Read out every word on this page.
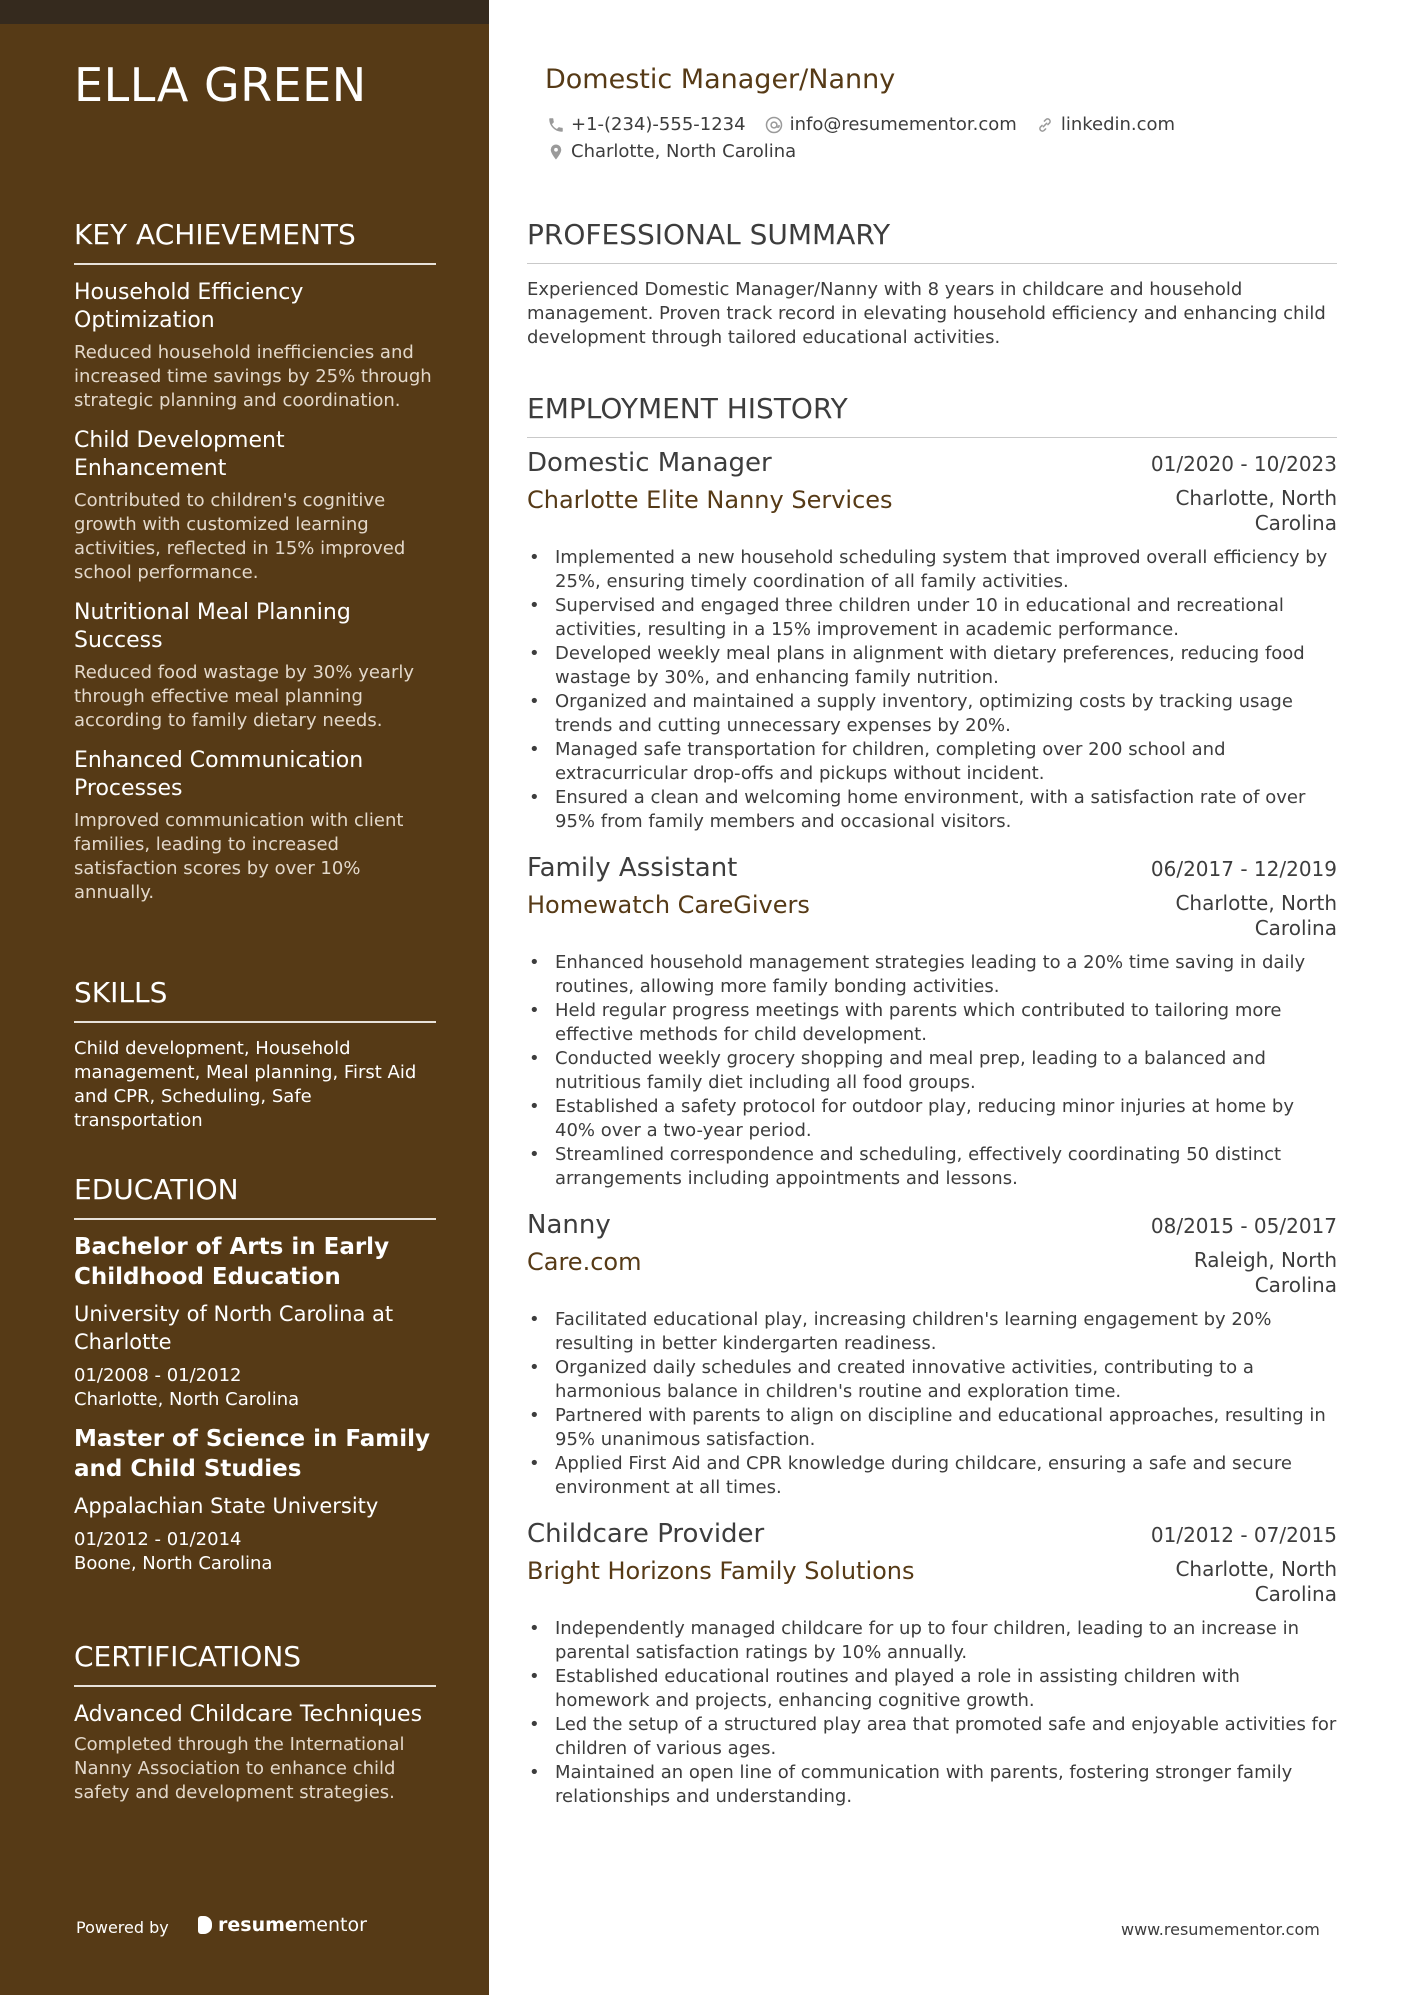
ELLA GREEN
KEY ACHIEVEMENTS
Household Efficiency Optimization
Reduced household inefficiencies and increased time savings by 25% through strategic planning and coordination.
Child Development Enhancement
Contributed to children's cognitive growth with customized learning activities, reflected in 15% improved school performance.
Nutritional Meal Planning Success
Reduced food wastage by 30% yearly through effective meal planning according to family dietary needs.
Enhanced Communication Processes
Improved communication with client families, leading to increased satisfaction scores by over 10% annually.
SKILLS
Child development, Household management, Meal planning, First Aid and CPR, Scheduling, Safe transportation
EDUCATION
Bachelor of Arts in Early Childhood Education
University of North Carolina at Charlotte
01/2008 - 01/2012
Charlotte, North Carolina
Master of Science in Family and Child Studies
Appalachian State University
01/2012 - 01/2014
Boone, North Carolina
CERTIFICATIONS
Advanced Childcare Techniques
Completed through the International Nanny Association to enhance child safety and development strategies.
Powered by	resume mentor
Domestic Manager/Nanny
+1-(234)-555-1234 info@resumementor.com linkedin.com
Charlotte, North Carolina
PROFESSIONAL SUMMARY
Experienced Domestic Manager/Nanny with 8 years in childcare and household management. Proven track record in elevating household efficiency and enhancing child development through tailored educational activities.
EMPLOYMENT HISTORY
Domestic Manager	01/2020 - 10/2023
Charlotte Elite Nanny Services	Charlotte, North Carolina
• Implemented a new household scheduling system that improved overall efficiency by 25%, ensuring timely coordination of all family activities.
• Supervised and engaged three children under 10 in educational and recreational activities, resulting in a 15% improvement in academic performance.
• Developed weekly meal plans in alignment with dietary preferences, reducing food wastage by 30%, and enhancing family nutrition.
• Organized and maintained a supply inventory, optimizing costs by tracking usage trends and cutting unnecessary expenses by 20%.
• Managed safe transportation for children, completing over 200 school and extracurricular drop-offs and pickups without incident.
• Ensured a clean and welcoming home environment, with a satisfaction rate of over 95% from family members and occasional visitors.
Family Assistant	06/2017 - 12/2019
Homewatch CareGivers	Charlotte, North Carolina
• Enhanced household management strategies leading to a 20% time saving in daily routines, allowing more family bonding activities.
• Held regular progress meetings with parents which contributed to tailoring more effective methods for child development.
• Conducted weekly grocery shopping and meal prep, leading to a balanced and nutritious family diet including all food groups.
• Established a safety protocol for outdoor play, reducing minor injuries at home by 40% over a two-year period.
• Streamlined correspondence and scheduling, effectively coordinating 50 distinct arrangements including appointments and lessons.
Nanny	08/2015 - 05/2017
Care.com	Raleigh, North Carolina
• Facilitated educational play, increasing children's learning engagement by 20% resulting in better kindergarten readiness.
• Organized daily schedules and created innovative activities, contributing to a harmonious balance in children's routine and exploration time.
• Partnered with parents to align on discipline and educational approaches, resulting in 95% unanimous satisfaction.
• Applied First Aid and CPR knowledge during childcare, ensuring a safe and secure environment at all times.
Childcare Provider	01/2012 - 07/2015
Bright Horizons Family Solutions	Charlotte, North Carolina
• Independently managed childcare for up to four children, leading to an increase in parental satisfaction ratings by 10% annually.
• Established educational routines and played a role in assisting children with homework and projects, enhancing cognitive growth.
• Led the setup of a structured play area that promoted safe and enjoyable activities for children of various ages.
• Maintained an open line of communication with parents, fostering stronger family relationships and understanding.
www.resumementor.com
